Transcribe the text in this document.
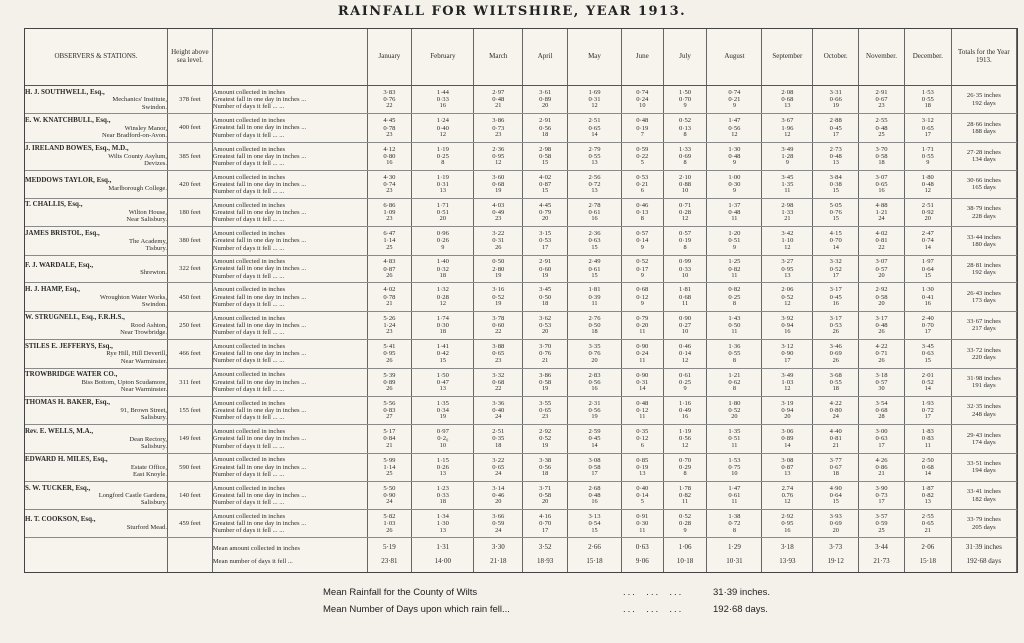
RAINFALL FOR WILTSHIRE, YEAR 1913.
OBSERVERS & STATIONS.	Height above sea level.		January	February	March	April	May	June	July	August	September	October.	November.	December.	Totals for the Year 1913.

H. J. SOUTHWELL, Esq.,
Mechanics' Institute,
Swindon.	378 feet	Amount collected in inches
Greatest fall in one day in inches ...
Number of days it fell ... ...	3·83
0·76
22	1·44
0·33
16	2·97
0·48
21	3·61
0·89
20	1·69
0·31
12	0·74
0·24
10	1·50
0·70
9	0·74
0·21
9	2·08
0·68
13	3·31
0·66
19	2·91
0·67
23	1·53
0·55
18	26·35 inches
192 days

E. W. KNATCHBULL, Esq.,
Winsley Manor,
Near Bradford-on-Avon.	400 feet	Amount collected in inches
Greatest fall in one day in inches ...
Number of days it fell ... ...	4·45
0·78
23	1·24
0·40
12	3·86
0·73
23	2·91
0·56
18	2·51
0·65
14	0·48
0·19
7	0·52
0·13
8	1·47
0·56
12	3·67
1·96
12	2·88
0·45
17	2·55
0·48
25	3·12
0·65
17	28·66 inches
188 days

J. IRELAND BOWES, Esq., M.D.,
Wilts County Asylum,
Devizes.	385 feet	Amount collected in inches
Greatest fall in one day in inches ...
Number of days it fell ... ...	4·12
0·80
16	1·19
0·25
8	2·36
0·95
12	2·98
0·58
15	2·79
0·55
13	0·59
0·22
5	1·33
0·69
8	1·30
0·48
9	3·49
1·28
9	2·73
0·48
13	3·70
0·58
18	1·71
0·55
9	27·28 inches
134 days

MEDDOWS TAYLOR, Esq.,
Marlborough College.	420 feet	Amount collected in inches
Greatest fall in one day in inches ...
Number of days it fell ... ...	4·30
0·74
23	1·19
0·31
13	3·60
0·68
19	4·02
0·87
15	2·56
0·72
13	0·53
0·21
6	2·10
0·88
10	1·00
0·30
9	3·45
1·35
11	3·84
0·38
15	3·07
0·65
16	1·80
0·48
12	30·66 inches
165 days

T. CHALLIS, Esq.,
Wilton House,
Near Salisbury.	180 feet	Amount collected in inches
Greatest fall in one day in inches ...
Number of days it fell ... ...	6·86
1·09
23	1·71
0·51
20	4·03
0·49
23	4·45
0·79
20	2·78
0·61
16	0·46
0·13
8	0·71
0·28
12	1·37
0·48
11	2·98
1·33
21	5·05
0·76
15	4·88
1·21
24	2·51
0·92
20	38·79 inches
228 days

JAMES BRISTOL, Esq.,
The Academy,
Tisbury.	380 feet	Amount collected in inches
Greatest fall in one day in inches ...
Number of days it fell ... ...	6·47
1·14
25	0·96
0·26
9	3·22
0·31
26	3·15
0·53
17	2·36
0·63
15	0·57
0·14
9	0·57
0·19
8	1·20
0·51
9	3·42
1·10
12	4·15
0·70
14	4·02
0·81
22	2·47
0·74
14	33·44 inches
180 days

F. J. WARDALE, Esq.,
Shrewton.	322 feet	Amount collected in inches
Greatest fall in one day in inches ...
Number of days it fell ... ...	4·83
0·87
26	1·40
0·32
18	0·50
2·80
19	2·91
0·60
19	2·49
0·61
15	0·52
0·17
9	0·99
0·33
10	1·25
0·82
11	3·27
0·95
13	3·32
0·52
17	3·07
0·57
20	1·97
0·64
15	28·81 inches
192 days

H. J. HAMP, Esq.,
Wroughton Water Works,
Swindon.	450 feet	Amount collected in inches
Greatest fall in one day in inches ...
Number of days it fell ... ...	4·02
0·78
21	1·32
0·28
12	3·16
0·52
19	3·45
0·50
18	1·81
0·39
11	0·68
0·12
9	1·81
0·68
11	0·82
0·25
8	2·06
0·52
12	3·17
0·45
16	2·92
0·58
20	1·30
0·41
16	26·43 inches
173 days

W. STRUGNELL, Esq., F.R.H.S.,
Rood Ashton,
Near Trowbridge.	250 feet	Amount collected in inches
Greatest fall in one day in inches ...
Number of days it fell ... ...	5·26
1·24
23	1·74
0·30
18	3·78
0·60
22	3·62
0·53
20	2·76
0·50
18	0·79
0·20
11	0·90
0·27
10	1·43
0·50
11	3·92
0·94
16	3·17
0·53
26	3·17
0·48
26	2·40
0·70
17	33·67 inches
217 days

STILES E. JEFFERYS, Esq.,
Rye Hill, Hill Deverill,
Near Warminster.	466 feet	Amount collected in inches
Greatest fall in one day in inches ...
Number of days it fell ... ...	5·41
0·95
26	1·41
0·42
15	3·88
0·65
23	3·70
0·76
21	3·35
0·76
20	0·90
0·24
11	0·46
0·14
12	1·36
0·55
8	3·12
0·90
17	3·46
0·69
26	4·22
0·71
26	3·45
0·63
15	33·72 inches
220 days

TROWBRIDGE WATER CO.,
Biss Bottom, Upton Scudamore,
Near Warminster.	311 feet	Amount collected in inches
Greatest fall in one day in inches ...
Number of days it fell ... ...	5·39
0·89
26	1·50
0·47
13	3·32
0·68
22	3·86
0·58
19	2·83
0·56
16	0·90
0·31
14	0·61
0·25
9	1·21
0·62
8	3·49
1·03
12	3·68
0·55
18	3·18
0·57
30	2·01
0·52
14	31·98 inches
191 days

THOMAS H. BAKER, Esq.,
91, Brown Street,
Salisbury.	155 feet	Amount collected in inches
Greatest fall in one day in inches ...
Number of days it fell ... ...	5·56
0·83
27	1·35
0·34
19	3·36
0·40
24	3·55
0·65
23	2·31
0·56
19	0·48
0·12
11	1·16
0·49
16	1·80
0·52
20	3·19
0·94
20	4·22
0·80
24	3·54
0·68
28	1·93
0·72
17	32·35 inches
248 days

Rev. E. WELLS, M.A.,
Dean Rectory,
Salisbury.	149 feet	Amount collected in inches
Greatest fall in one day in inches ...
Number of days it fell ... ...	5·17
0·84
21	0·97
0·2₀
10	2·51
0·35
18	2·92
0·52
19	2·59
0·45
14	0·35
0·12
6	1·19
0·56
12	1·35
0·51
11	3·06
0·89
14	4·40
0·81
21	3·00
0·63
17	1·83
0·83
11	29·43 inches
174 days

EDWARD H. MILES, Esq.,
Estate Office,
East Knoyle.	590 feet	Amount collected in inches
Greatest fall in one day in inches ...
Number of days it fell ... ...	5·99
1·14
25	1·15
0·26
13	3·22
0·65
24	3·38
0·56
18	3·08
0·58
17	0·85
0·19
13	0·70
0·29
8	1·53
0·75
10	3·08
0·87
13	3·77
0·67
18	4·26
0·86
21	2·50
0·68
14	33·51 inches
194 days

S. W. TUCKER, Esq.,
Longford Castle Gardens,
Salisbury.	140 feet	Amount collected in inches
Greatest fall in one day in inches ...
Number of days it fell ... ...	5·50
0·90
24	1·23
0·33
18	3·14
0·46
20	3·71
0·58
20	2·68
0·48
16	0·40
0·14
5	1·78
0·82
11	1·47
0·61
11	2.74
0.76
12	4·90
0·64
15	3·90
0·73
17	1·87
0·82
13	33·41 inches
182 days

H. T. COOKSON, Esq.,
Sturford Mead.	459 feet	Amount collected in inches
Greatest fall in one day in inches ...
Number of days it fell ... ...	5·82
1·03
26	1·34
1·30
13	3·66
0·59
24	4·16
0·70
17	3·13
0·54
15	0·91
0·30
11	0·52
0·28
9	1·38
0·72
8	2·92
0·95
16	3·93
0·69
20	3·57
0·59
25	2·55
0·65
21	33·79 inches
205 days

		Mean amount collected in inches
Mean number of days it fell ...	5·19
23·81	1·31
14·00	3·30
21·18	3·52
18·93	2·66
15·18	0·63
9·06	1·06
10·18	1·29
10·31	3·18
13·93	3·73
19·12	3·44
21·73	2·06
15·18	31·39 inches
192·68 days
Mean Rainfall for the County of Wilts	...  ...  ...	31·39 inches.
Mean Number of Days upon which rain fell...	...  ...  ...	192·68 days.
